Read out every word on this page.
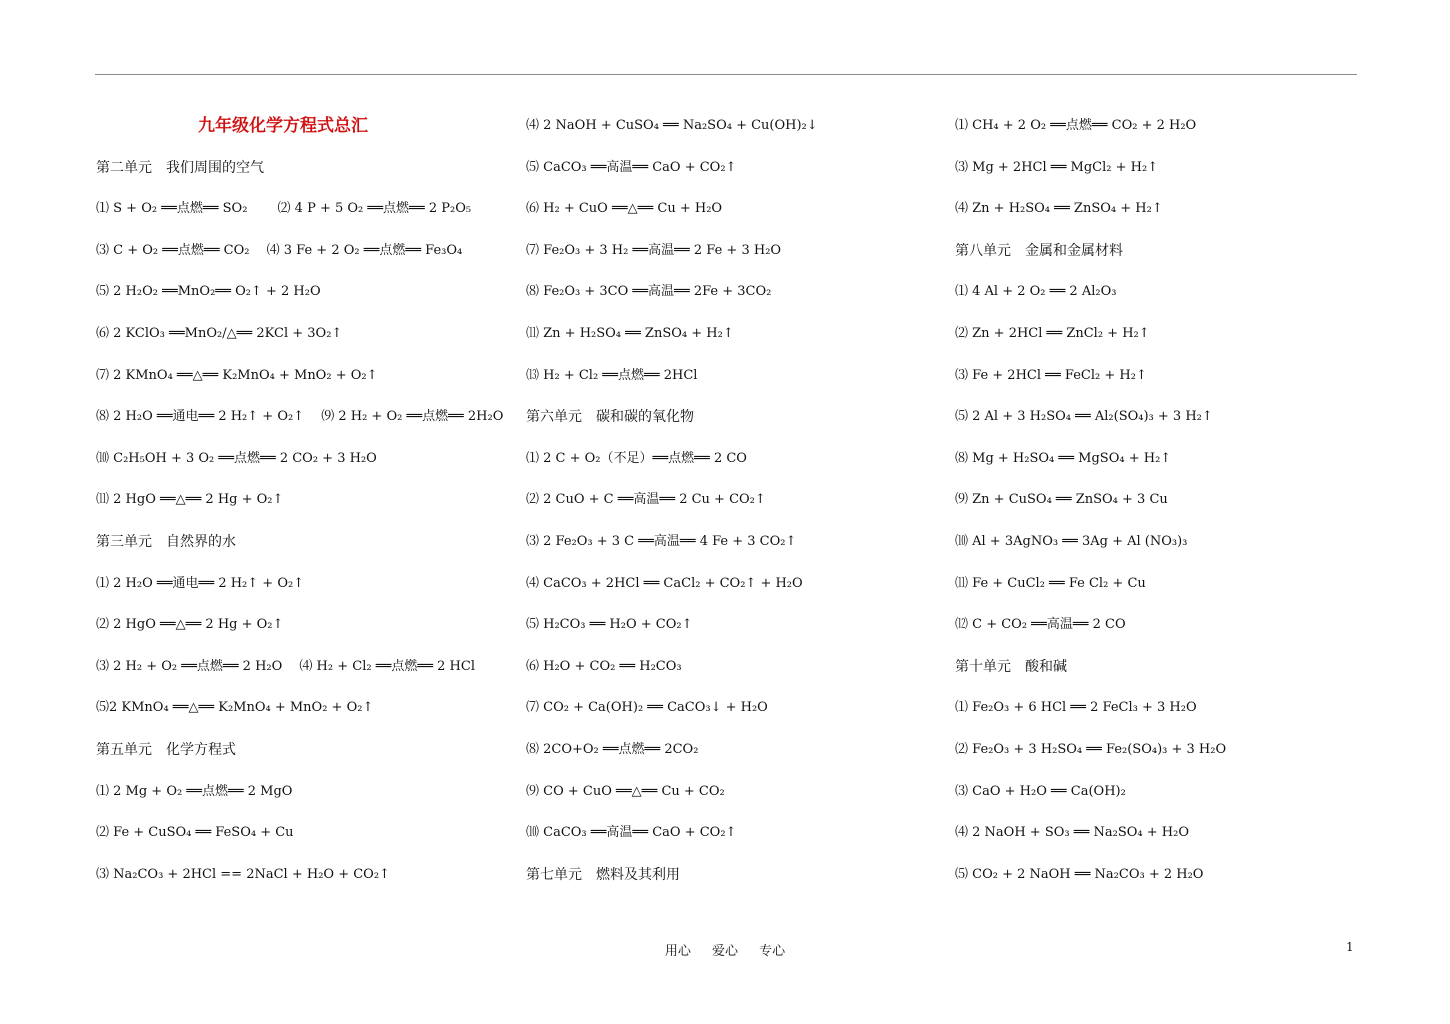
九年级化学方程式总汇
第二单元　我们周围的空气
⑴ S + O₂ ══点燃══ SO₂　　 ⑵ 4 P + 5 O₂ ══点燃══ 2 P₂O₅
⑶ C + O₂ ══点燃══ CO₂　 ⑷ 3 Fe + 2 O₂ ══点燃══ Fe₃O₄
⑸ 2 H₂O₂ ══MnO₂══ O₂↑ + 2 H₂O
⑹ 2 KClO₃ ══MnO₂/△══ 2KCl + 3O₂↑
⑺ 2 KMnO₄ ══△══ K₂MnO₄ + MnO₂ + O₂↑
⑻ 2 H₂O ══通电══ 2 H₂↑ + O₂↑　 ⑼ 2 H₂ + O₂ ══点燃══ 2H₂O
⑽ C₂H₅OH + 3 O₂ ══点燃══ 2 CO₂ + 3 H₂O
⑾ 2 HgO ══△══ 2 Hg + O₂↑
第三单元　自然界的水
⑴ 2 H₂O ══通电══ 2 H₂↑ + O₂↑
⑵ 2 HgO ══△══ 2 Hg + O₂↑
⑶ 2 H₂ + O₂ ══点燃══ 2 H₂O　 ⑷ H₂ + Cl₂ ══点燃══ 2 HCl
⑸2 KMnO₄ ══△══ K₂MnO₄ + MnO₂ + O₂↑
第五单元　化学方程式
⑴ 2 Mg + O₂ ══点燃══ 2 MgO
⑵ Fe + CuSO₄ ══ FeSO₄ + Cu
⑶ Na₂CO₃ + 2HCl == 2NaCl + H₂O + CO₂↑
⑷ 2 NaOH + CuSO₄ ══ Na₂SO₄ + Cu(OH)₂↓
⑸ CaCO₃ ══高温══ CaO + CO₂↑
⑹ H₂ + CuO ══△══ Cu + H₂O
⑺ Fe₂O₃ + 3 H₂ ══高温══ 2 Fe + 3 H₂O
⑻ Fe₂O₃ + 3CO ══高温══ 2Fe + 3CO₂
⑾ Zn + H₂SO₄ ══ ZnSO₄ + H₂↑
⒀ H₂ + Cl₂ ══点燃══ 2HCl
第六单元　碳和碳的氧化物
⑴ 2 C + O₂（不足）══点燃══ 2 CO
⑵ 2 CuO + C ══高温══ 2 Cu + CO₂↑
⑶ 2 Fe₂O₃ + 3 C ══高温══ 4 Fe + 3 CO₂↑
⑷ CaCO₃ + 2HCl ══ CaCl₂ + CO₂↑ + H₂O
⑸ H₂CO₃ ══ H₂O + CO₂↑
⑹ H₂O + CO₂ ══ H₂CO₃
⑺ CO₂ + Ca(OH)₂ ══ CaCO₃↓ + H₂O
⑻ 2CO+O₂ ══点燃══ 2CO₂
⑼ CO + CuO ══△══ Cu + CO₂
⑽ CaCO₃ ══高温══ CaO + CO₂↑
第七单元　燃料及其利用
⑴ CH₄ + 2 O₂ ══点燃══ CO₂ + 2 H₂O
⑶ Mg + 2HCl ══ MgCl₂ + H₂↑
⑷ Zn + H₂SO₄ ══ ZnSO₄ + H₂↑
第八单元　金属和金属材料
⑴ 4 Al + 2 O₂ ══ 2 Al₂O₃
⑵ Zn + 2HCl ══ ZnCl₂ + H₂↑
⑶ Fe + 2HCl ══ FeCl₂ + H₂↑
⑸ 2 Al + 3 H₂SO₄ ══ Al₂(SO₄)₃ + 3 H₂↑
⑻ Mg + H₂SO₄ ══ MgSO₄ + H₂↑
⑼ Zn + CuSO₄ ══ ZnSO₄ + 3 Cu
⑽ Al + 3AgNO₃ ══ 3Ag + Al (NO₃)₃
⑾ Fe + CuCl₂ ══ Fe Cl₂ + Cu
⑿ C + CO₂ ══高温══ 2 CO
第十单元　酸和碱
⑴ Fe₂O₃ + 6 HCl ══ 2 FeCl₃ + 3 H₂O
⑵ Fe₂O₃ + 3 H₂SO₄ ══ Fe₂(SO₄)₃ + 3 H₂O
⑶ CaO + H₂O ══ Ca(OH)₂
⑷ 2 NaOH + SO₃ ══ Na₂SO₄ + H₂O
⑸ CO₂ + 2 NaOH ══ Na₂CO₃ + 2 H₂O
用心　 爱心　 专心	1
